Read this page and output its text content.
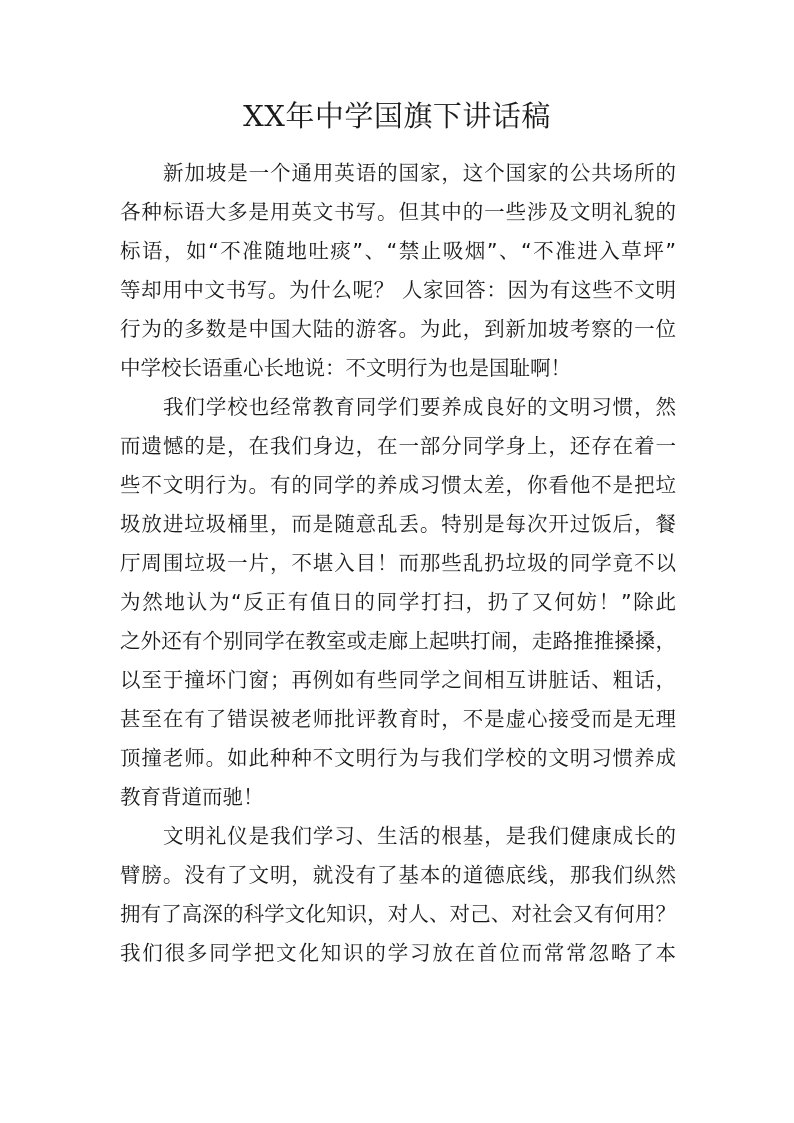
XX年中学国旗下讲话稿
新加坡是一个通用英语的国家，这个国家的公共场所的
各种标语大多是用英文书写。但其中的一些涉及文明礼貌的
标语，如“不准随地吐痰”、“禁止吸烟”、“不准进入草坪”
等却用中文书写。为什么呢？ 人家回答：因为有这些不文明
行为的多数是中国大陆的游客。为此，到新加坡考察的一位
中学校长语重心长地说：不文明行为也是国耻啊！
我们学校也经常教育同学们要养成良好的文明习惯，然
而遗憾的是，在我们身边，在一部分同学身上，还存在着一
些不文明行为。有的同学的养成习惯太差，你看他不是把垃
圾放进垃圾桶里，而是随意乱丢。特别是每次开过饭后，餐
厅周围垃圾一片，不堪入目！而那些乱扔垃圾的同学竟不以
为然地认为“反正有值日的同学打扫，扔了又何妨！”除此
之外还有个别同学在教室或走廊上起哄打闹，走路推推搡搡，
以至于撞坏门窗；再例如有些同学之间相互讲脏话、粗话，
甚至在有了错误被老师批评教育时，不是虚心接受而是无理
顶撞老师。如此种种不文明行为与我们学校的文明习惯养成
教育背道而驰！
文明礼仪是我们学习、生活的根基，是我们健康成长的
臂膀。没有了文明，就没有了基本的道德底线，那我们纵然
拥有了高深的科学文化知识，对人、对己、对社会又有何用？
我们很多同学把文化知识的学习放在首位而常常忽略了本
